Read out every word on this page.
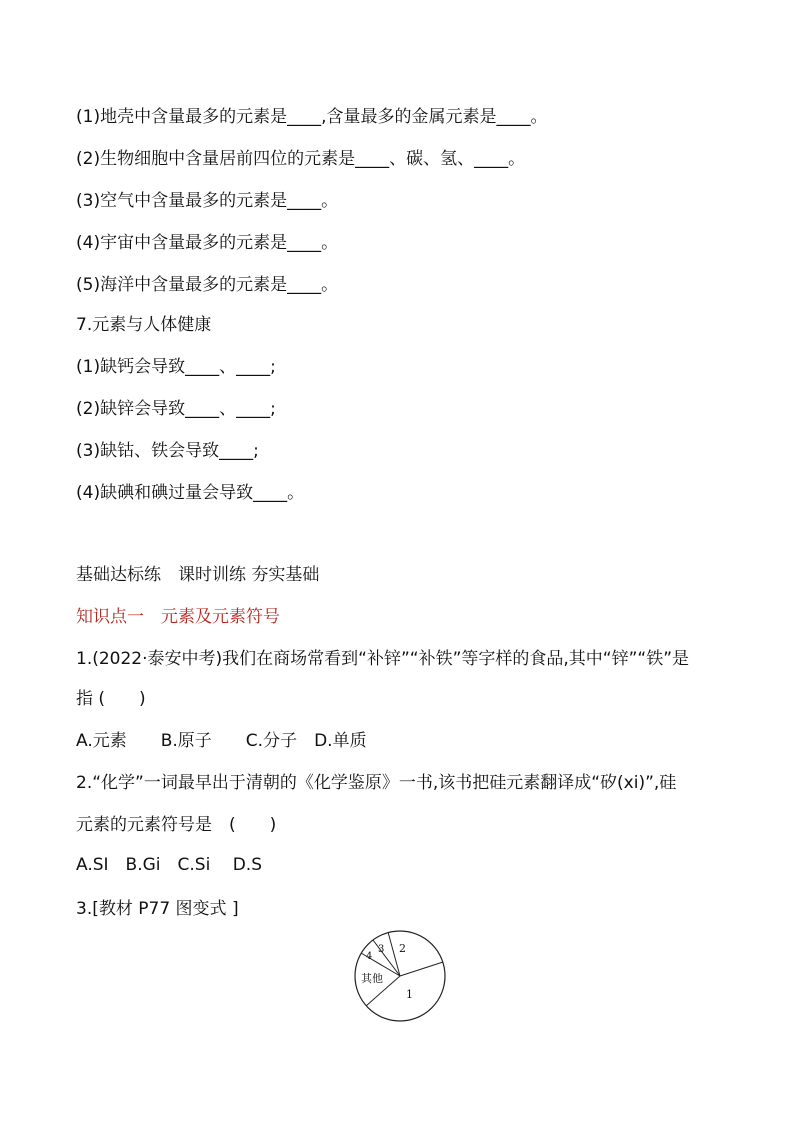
(1)地壳中含量最多的元素是____,含量最多的金属元素是____。
(2)生物细胞中含量居前四位的元素是____、碳、氢、____。
(3)空气中含量最多的元素是____。
(4)宇宙中含量最多的元素是____。
(5)海洋中含量最多的元素是____。
7.元素与人体健康
(1)缺钙会导致____、____;
(2)缺锌会导致____、____;
(3)缺钴、铁会导致____;
(4)缺碘和碘过量会导致____。
基础达标练　课时训练 夯实基础
知识点一　元素及元素符号
1.(2022·泰安中考)我们在商场常看到“补锌”“补铁”等字样的食品,其中“锌”“铁”是
指 (　　)
A.元素　　B.原子　　C.分子　D.单质
2.“化学”一词最早出于清朝的《化学鉴原》一书,该书把硅元素翻译成“矽(xi)”,硅
元素的元素符号是　(　　)
A.SI　B.Gi　C.Si　 D.S
3.[教材 P77 图变式 ]
1
2
3
4
其他
